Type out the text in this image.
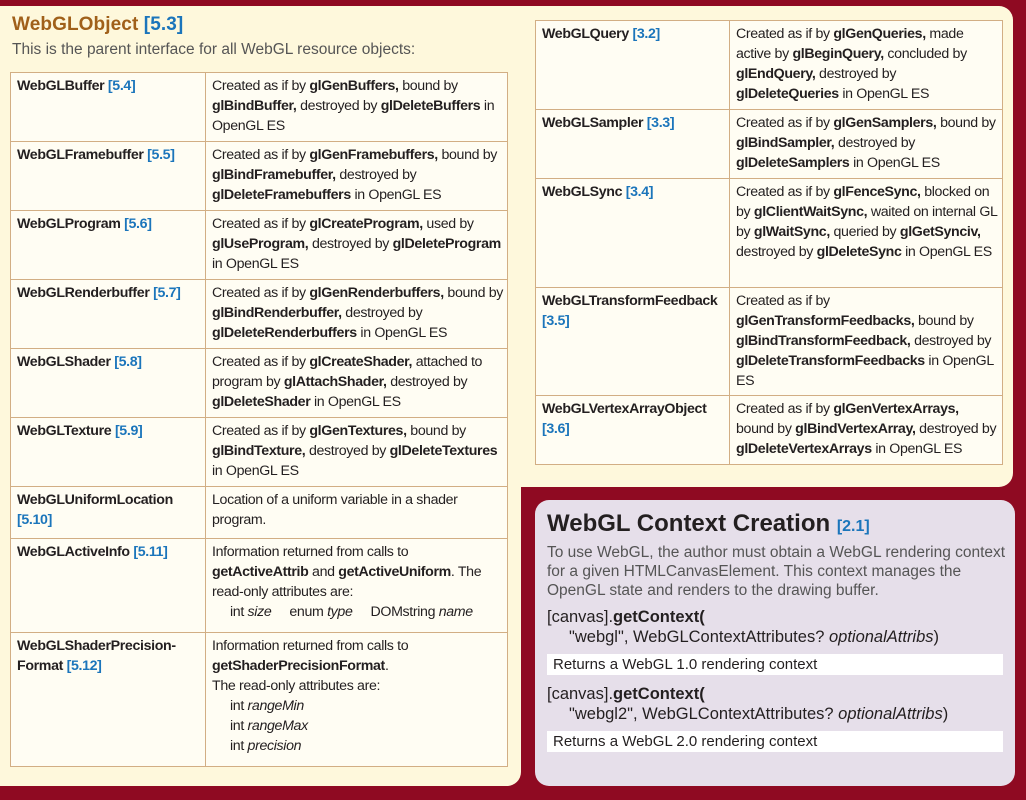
WebGLObject [5.3]
This is the parent interface for all WebGL resource objects:
WebGLBuffer [5.4]	Created as if by glGenBuffers, bound by glBindBuffer, destroyed by glDeleteBuffers in OpenGL ES
WebGLFramebuffer [5.5]	Created as if by glGenFramebuffers, bound by glBindFramebuffer, destroyed by glDeleteFramebuffers in OpenGL ES
WebGLProgram [5.6]	Created as if by glCreateProgram, used by glUseProgram, destroyed by glDeleteProgram in OpenGL ES
WebGLRenderbuffer [5.7]	Created as if by glGenRenderbuffers, bound by glBindRenderbuffer, destroyed by glDeleteRenderbuffers in OpenGL ES
WebGLShader [5.8]	Created as if by glCreateShader, attached to program by glAttachShader, destroyed by glDeleteShader in OpenGL ES
WebGLTexture [5.9]	Created as if by glGenTextures, bound by glBindTexture, destroyed by glDeleteTextures in OpenGL ES
WebGLUniformLocation [5.10]	Location of a uniform variable in a shader program.
WebGLActiveInfo [5.11]	Information returned from calls to getActiveAttrib and getActiveUniform. The read-only attributes are:
int size enum type DOMstring name

WebGLShaderPrecision-Format [5.12]	Information returned from calls to getShaderPrecisionFormat.
The read-only attributes are:
int rangeMin
int rangeMax
int precision
WebGLQuery [3.2]	Created as if by glGenQueries, made active by glBeginQuery, concluded by glEndQuery, destroyed by glDeleteQueries in OpenGL ES
WebGLSampler [3.3]	Created as if by glGenSamplers, bound by glBindSampler, destroyed by glDeleteSamplers in OpenGL ES
WebGLSync [3.4]	Created as if by glFenceSync, blocked on by glClientWaitSync, waited on internal GL by glWaitSync, queried by glGetSynciv, destroyed by glDeleteSync in OpenGL ES
WebGLTransformFeedback [3.5]	Created as if by glGenTransformFeedbacks, bound by glBindTransformFeedback, destroyed by glDeleteTransformFeedbacks in OpenGL ES
WebGLVertexArrayObject [3.6]	Created as if by glGenVertexArrays, bound by glBindVertexArray, destroyed by glDeleteVertexArrays in OpenGL ES
WebGL Context Creation [2.1]
To use WebGL, the author must obtain a WebGL rendering context for a given HTMLCanvasElement. This context manages the OpenGL state and renders to the drawing buffer.
[canvas].getContext(
"webgl", WebGLContextAttributes? optionalAttribs)
Returns a WebGL 1.0 rendering context
[canvas].getContext(
"webgl2", WebGLContextAttributes? optionalAttribs)
Returns a WebGL 2.0 rendering context
